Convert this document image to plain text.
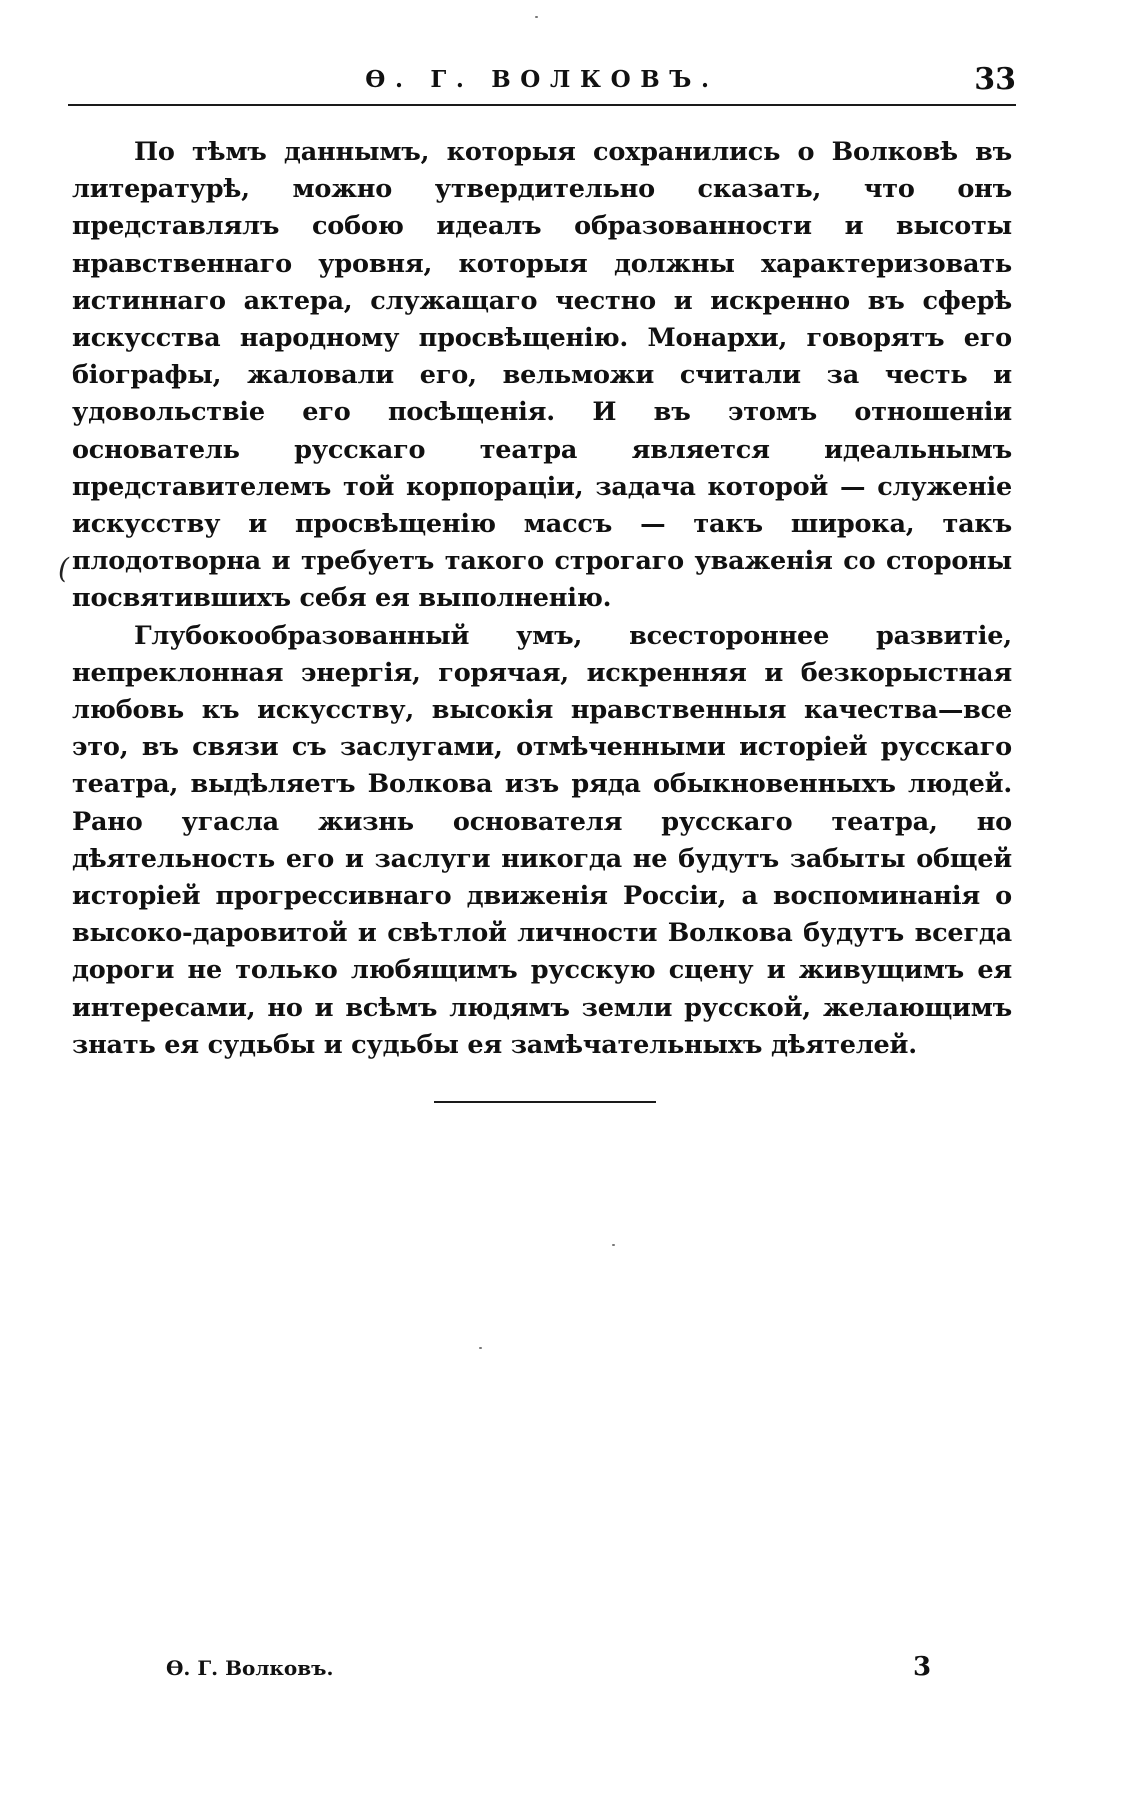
Ѳ. Г. ВОЛКОВЪ.	33

По тѣмъ даннымъ, которыя сохранились о Волковѣ въ литературѣ, можно утвердительно сказать, что онъ представлялъ собою идеалъ образованности и высоты нравственнаго уровня, которыя должны характеризовать истиннаго актера, служащаго честно и искренно въ сферѣ искусства народному просвѣщенію. Монархи, говорятъ его біографы, жаловали его, вельможи считали за честь и удовольствіе его посѣщенія. И въ этомъ отношеніи основатель русскаго театра является идеальнымъ представителемъ той корпораціи, задача которой — служеніе искусству и просвѣщенію массъ — такъ широка, такъ плодотворна и требуетъ такого строгаго уваженія со стороны посвятившихъ себя ея выполненію.

Глубокообразованный умъ, всестороннее развитіе, непреклонная энергія, горячая, искренняя и безкорыстная любовь къ искусству, высокія нравственныя качества—все это, въ связи съ заслугами, отмѣченными исторіей русскаго театра, выдѣляетъ Волкова изъ ряда обыкновенныхъ людей. Рано угасла жизнь основателя русскаго театра, но дѣятельность его и заслуги никогда не будутъ забыты общей исторіей прогрессивнаго движенія Россіи, а воспоминанія о высоко-даровитой и свѣтлой личности Волкова будутъ всегда дороги не только любящимъ русскую сцену и живущимъ ея интересами, но и всѣмъ людямъ земли русской, желающимъ знать ея судьбы и судьбы ея замѣчательныхъ дѣятелей.

(
Ѳ. Г. Волковъ.	3
